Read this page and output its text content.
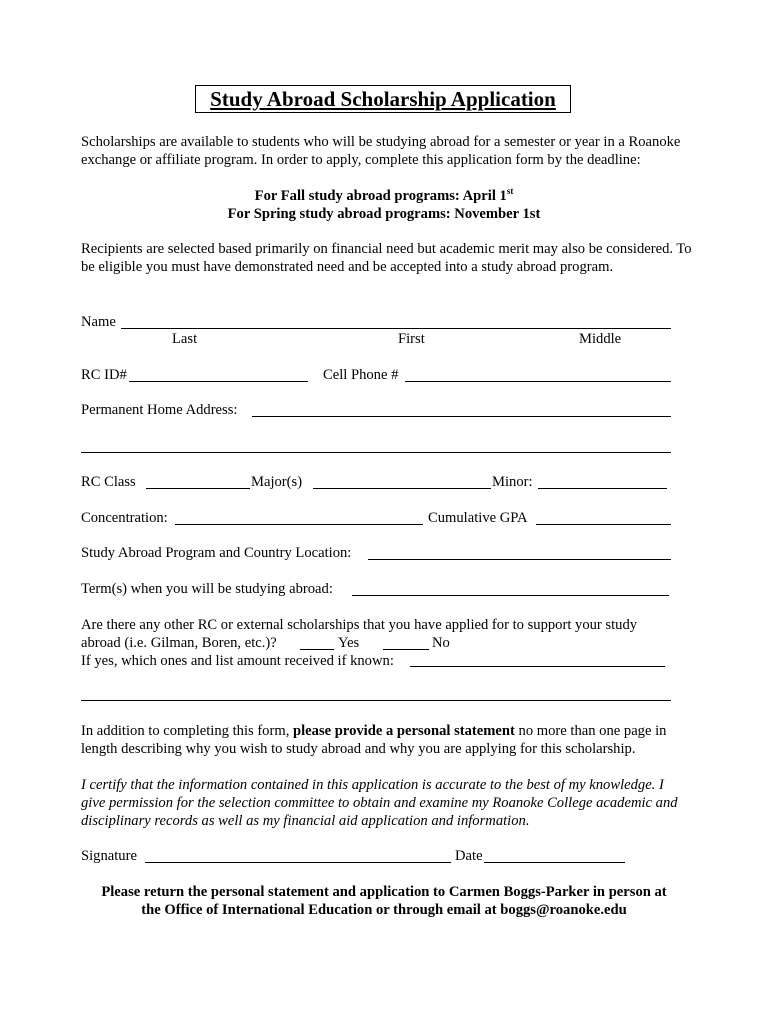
Study Abroad Scholarship Application
Scholarships are available to students who will be studying abroad for a semester or year in a Roanoke exchange or affiliate program. In order to apply, complete this application form by the deadline:
For Fall study abroad programs: April 1st
For Spring study abroad programs: November 1st
Recipients are selected based primarily on financial need but academic merit may also be considered. To be eligible you must have demonstrated need and be accepted into a study abroad program.
Name
Last	First	Middle
RC ID#	Cell Phone #
Permanent Home Address:
RC Class	Major(s)	Minor:
Concentration:	Cumulative GPA
Study Abroad Program and Country Location:
Term(s) when you will be studying abroad:
Are there any other RC or external scholarships that you have applied for to support your study
abroad (i.e. Gilman, Boren, etc.)?	Yes	No
If yes, which ones and list amount received if known:
In addition to completing this form, please provide a personal statement no more than one page in length describing why you wish to study abroad and why you are applying for this scholarship.
I certify that the information contained in this application is accurate to the best of my knowledge. I give permission for the selection committee to obtain and examine my Roanoke College academic and disciplinary records as well as my financial aid application and information.
Signature	Date
Please return the personal statement and application to Carmen Boggs-Parker in person at
the Office of International Education or through email at boggs@roanoke.edu
